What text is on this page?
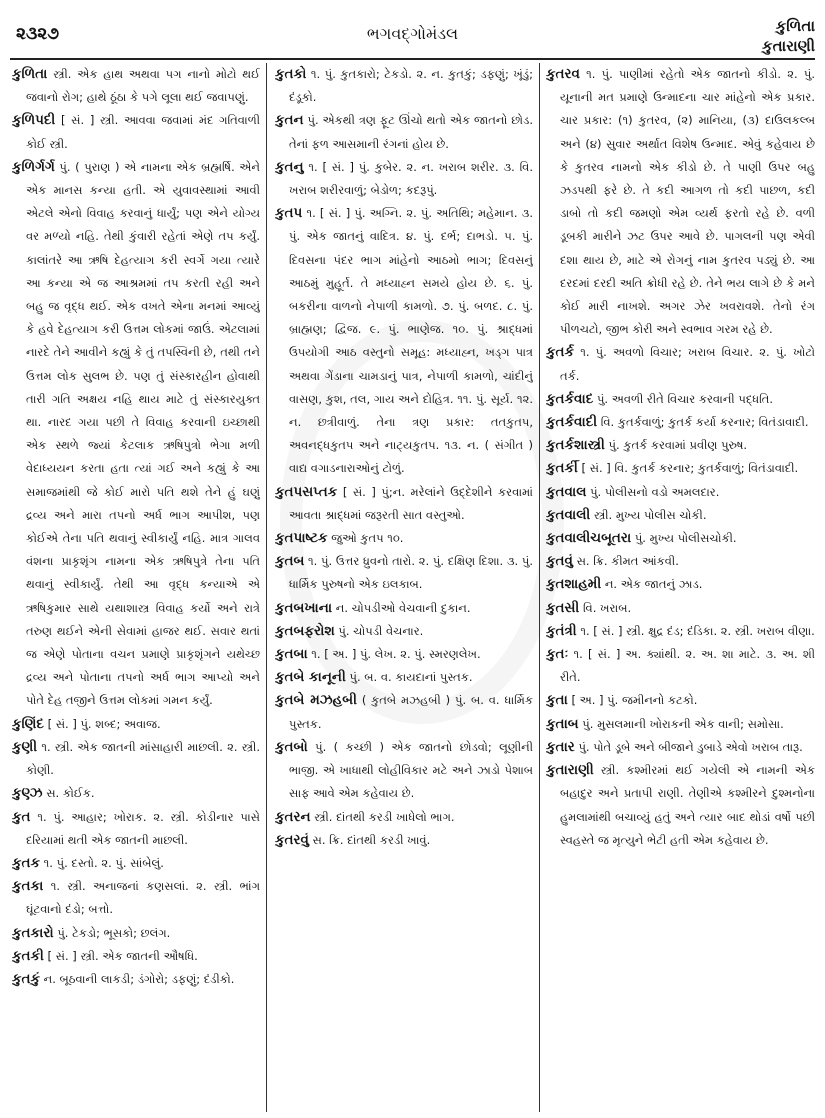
૨૩૨૭	ભગવદ્ગોમંડલ	કુળિતા
કુતારાણી

કુળિતા સ્ત્રી. એક હાથ અથવા પગ નાનો મોટો થઈ જવાનો રોગ; હાથે ઠૂંઠા કે પગે લૂલા થઈ જવાપણું.

કુળિપદી [ સં. ] સ્ત્રી. આવવા જવામાં મંદ ગતિવાળી કોઈ સ્ત્રી.

કુળિર્ગર્ગ પું. ( પુરાણ ) એ નામના એક બ્રહ્મર્ષિ. એને એક માનસ કન્યા હતી. એ યુવાવસ્થામાં આવી એટલે એનો વિવાહ કરવાનું ધાર્યું; પણ એને યોગ્ય વર મળ્યો નહિ. તેથી કુંવારી રહેતાં એણે તપ કર્યું. કાલાંતરે આ ઋષિ દેહત્યાગ કરી સ્વર્ગે ગયા ત્યારે આ કન્યા એ જ આશ્રમમાં તપ કરતી રહી અને બહુ જ વૃદ્ધ થઈ. એક વખતે એના મનમાં આવ્યું કે હવે દેહત્યાગ કરી ઉત્તમ લોકમાં જાઉં. એટલામાં નારદે તેને આવીને કહ્યું કે તું તપસ્વિની છે, તથી તને ઉત્તમ લોક સુલભ છે. પણ તું સંસ્કારહીન હોવાથી તારી ગતિ અક્ષય નહિ થાય માટે તું સંસ્કારયુક્ત થા. નારદ ગયા પછી તે વિવાહ કરવાની ઇચ્છાથી એક સ્થળે જ્યાં કેટલાક ઋષિપુત્રો ભેગા મળી વેદાધ્યયન કરતા હતા ત્યાં ગઈ અને કહ્યું કે આ સમાજમાંથી જે કોઈ મારો પતિ થશે તેને હું ઘણું દ્રવ્ય અને મારા તપનો અર્ધ ભાગ આપીશ, પણ કોઈએ તેના પતિ થવાનું સ્વીકાર્યું નહિ. માત્ર ગાલવ વંશના પ્રાકૃશૃંગ નામના એક ઋષિપુત્રે તેના પતિ થવાનું સ્વીકાર્યું. તેથી આ વૃદ્ધ કન્યાએ એ ઋષિકુમાર સાથે યથાશાસ્ત્ર વિવાહ કર્યો અને રાત્રે તરુણ થઈને એની સેવામાં હાજર થઈ. સવાર થતાં જ એણે પોતાના વચન પ્રમાણે પ્રાકૃશૃંગને યથેચ્છ દ્રવ્ય અને પોતાના તપનો અર્ધ ભાગ આપ્યો અને પોતે દેહ તજીને ઉત્તમ લોકમાં ગમન કર્યું.

કુણિંદ [ સં. ] પું. શબ્દ; અવાજ.

કુણી ૧. સ્ત્રી. એક જાતની માંસાહારી માછલી. ૨. સ્ત્રી. કોણી.

કુણ્ઝ સ. કોઈક.

કુત ૧. પું. આહાર; ખોરાક. ૨. સ્ત્રી. કોડીનાર પાસે દરિયામાં થતી એક જાતની માછલી.

કુતક ૧. પું. દસ્તો. ૨. પું. સાંબેલું.

કુતકા ૧. સ્ત્રી. અનાજનાં કણસલાં. ૨. સ્ત્રી. ભાંગ ઘૂંટવાનો દંડો; બત્તો.

કુતકારો પું. ટેકડો; ભૂસકો; છલંગ.

કુતકી [ સં. ] સ્ત્રી. એક જાતની ઔષધિ.

કુતકું ન. બૂઠવાની લાકડી; ડંગોરો; ડફણું; દંડીકો.

કુતકો ૧. પું. કુતકારો; ટેકડો. ૨. ન. કુતકું; ડફણું; ખૂંડું; દંડૂકો.

કુતન પું. એકથી ત્રણ ફૂટ ઊંચો થતો એક જાતનો છોડ. તેનાં ફળ આસમાની રંગનાં હોય છે.

કુતનુ ૧. [ સં. ] પું. કુબેર. ૨. ન. ખરાબ શરીર. ૩. વિ. ખરાબ શરીરવાળું; બેડોળ; કદરૂપું.

કુતપ ૧. [ સં. ] પું. અગ્નિ. ૨. પું. અતિથિ; મહેમાન. ૩. પું. એક જાતનું વાદિત્ર. ૪. પું. દર્ભ; દાભડો. ૫. પું. દિવસના પંદર ભાગ માંહેનો આઠમો ભાગ; દિવસનું આઠમું મુહૂર્ત. તે મધ્યાહ્ન સમયે હોય છે. ૬. પું. બકરીના વાળનો નેપાળી કામળો. ૭. પું. બળદ. ૮. પું. બ્રાહ્મણ; દ્વિજ. ૯. પું. ભાણેજ. ૧૦. પું. શ્રાદ્ધમાં ઉપયોગી આઠ વસ્તુનો સમૂહ: મધ્યાહ્ન, ખડ્ગ પાત્ર અથવા ગેંડાના ચામડાનું પાત્ર, નેપાળી કામળો, ચાંદીનું વાસણ, કુશ, તલ, ગાય અને દોહિત્ર. ૧૧. પું. સૂર્ય. ૧૨. ન. છત્રીવાળું. તેના ત્રણ પ્રકાર: તતકુતપ, અવનદ્ધકુતપ અને નાટ્યકુતપ. ૧૩. ન. ( સંગીત ) વાદ્ય વગાડનારાઓનું ટોળું.

કુતપસપ્તક [ સં. ] પું;ન. મરેલાંને ઉદ્દેશીને કરવામાં આવતા શ્રાદ્ધમાં જરૂરતી સાત વસ્તુઓ.

કુતપાષ્ટક જુઓ કુતપ ૧૦.

કુતબ ૧. પું. ઉત્તર ધ્રુવનો તારો. ૨. પું. દક્ષિણ દિશા. ૩. પું. ધાર્મિક પુરુષનો એક ઇલકાબ.

કુતબખાના ન. ચોપડીઓ વેચવાની દુકાન.

કુતબફરોશ પું. ચોપડી વેચનાર.

કુતબા ૧. [ અ. ] પું. લેખ. ૨. પું. સ્મરણલેખ.

કુતબે કાનૂની પું. બ. વ. કાયદાનાં પુસ્તક.

કુતબે મઝહબી ( કુતબે મઝહબી ) પું. બ. વ. ધાર્મિક પુસ્તક.

કુતબો પું. ( કચ્છી ) એક જાતનો છોડવો; લૂણીની ભાજી. એ ખાધાથી લોહીવિકાર મટે અને ઝાડો પેશાબ સાફ આવે એમ કહેવાય છે.

કુતરન સ્ત્રી. દાંતથી કરડી ખાધેલો ભાગ.

કુતરવું સ. ક્રિ. દાંતથી કરડી ખાવું.

કુતરવ ૧. પું. પાણીમાં રહેતો એક જાતનો કીડો. ૨. પું. યૂનાની મત પ્રમાણે ઉન્માદના ચાર માંહેનો એક પ્રકાર. ચાર પ્રકાર: (૧) કુતરવ, (૨) માનિયા, (૩) દાઉલકલ્બ અને (૪) સુવાર અર્થાત વિશેષ ઉન્માદ. એવું કહેવાય છે કે કુતરવ નામનો એક કીડો છે. તે પાણી ઉપર બહુ ઝડપથી ફરે છે. તે કદી આગળ તો કદી પાછળ, કદી ડાબો તો કદી જમણો એમ વ્યર્થ ફરતો રહે છે. વળી ડૂબકી મારીને ઝટ ઉપર આવે છે. પાગલની પણ એવી દશા થાય છે, માટે એ રોગનું નામ કુતરવ પડ્યું છે. આ દરદમાં દરદી અતિ ક્રોધી રહે છે. તેને ભય લાગે છે કે મને કોઈ મારી નાખશે. અગર ઝેર ખવરાવશે. તેનો રંગ પીળચટો, જીભ કોરી અને સ્વભાવ ગરમ રહે છે.

કુતર્ક ૧. પું. અવળો વિચાર; ખરાબ વિચાર. ૨. પું. ખોટો તર્ક.

કુતર્કવાદ પું. અવળી રીતે વિચાર કરવાની પદ્ધતિ.

કુતર્કવાદી વિ. કુતર્કવાળું; કુતર્ક કર્યા કરનાર; વિતંડાવાદી.

કુતર્કશાસ્ત્રી પું. કુતર્ક કરવામાં પ્રવીણ પુરુષ.

કુતર્કી [ સં. ] વિ. કુતર્ક કરનાર; કુતર્કવાળું; વિતંડાવાદી.

કુતવાલ પું. પોલીસનો વડો અમલદાર.

કુતવાલી સ્ત્રી. મુખ્ય પોલીસ ચોકી.

કુતવાલીચબૂતરા પું. મુખ્ય પોલીસચોકી.

કુતવું સ. ક્રિ. કીમત આંકવી.

કુતશાહમી ન. એક જાતનું ઝાડ.

કુતસી વિ. ખરાબ.

કુતંત્રી ૧. [ સં. ] સ્ત્રી. ક્ષુદ્ર દંડ; દંડિકા. ૨. સ્ત્રી. ખરાબ વીણા.

કુતઃ ૧. [ સં. ] અ. ક્યાંથી. ૨. અ. શા માટે. ૩. અ. શી રીતે.

કુતા [ અ. ] પું. જમીનનો કટકો.

કુતાબ પું. મુસલમાની ખોરાકની એક વાની; સમોસા.

કુતાર પું. પોતે ડૂબે અને બીજાને ડુબાડે એવો ખરાબ તારૂ.

કુતારાણી સ્ત્રી. કશ્મીરમાં થઈ ગયેલી એ નામની એક બહાદુર અને પ્રતાપી રાણી. તેણીએ કશ્મીરને દુશ્મનોના હુમલામાંથી બચાવ્યું હતું અને ત્યાર બાદ થોડાં વર્ષો પછી સ્વહસ્તે જ મૃત્યુને ભેટી હતી એમ કહેવાય છે.
